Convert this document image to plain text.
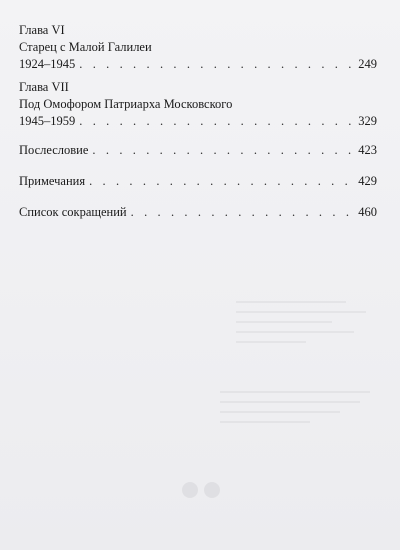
Глава VI
Старец с Малой Галилеи
1924–1945 . . .	249
Глава VII
Под Омофором Патриарха Московского
1945–1959 . . .	329
Послесловие . . .	423
Примечания . . .	429
Список сокращений . . .	460
